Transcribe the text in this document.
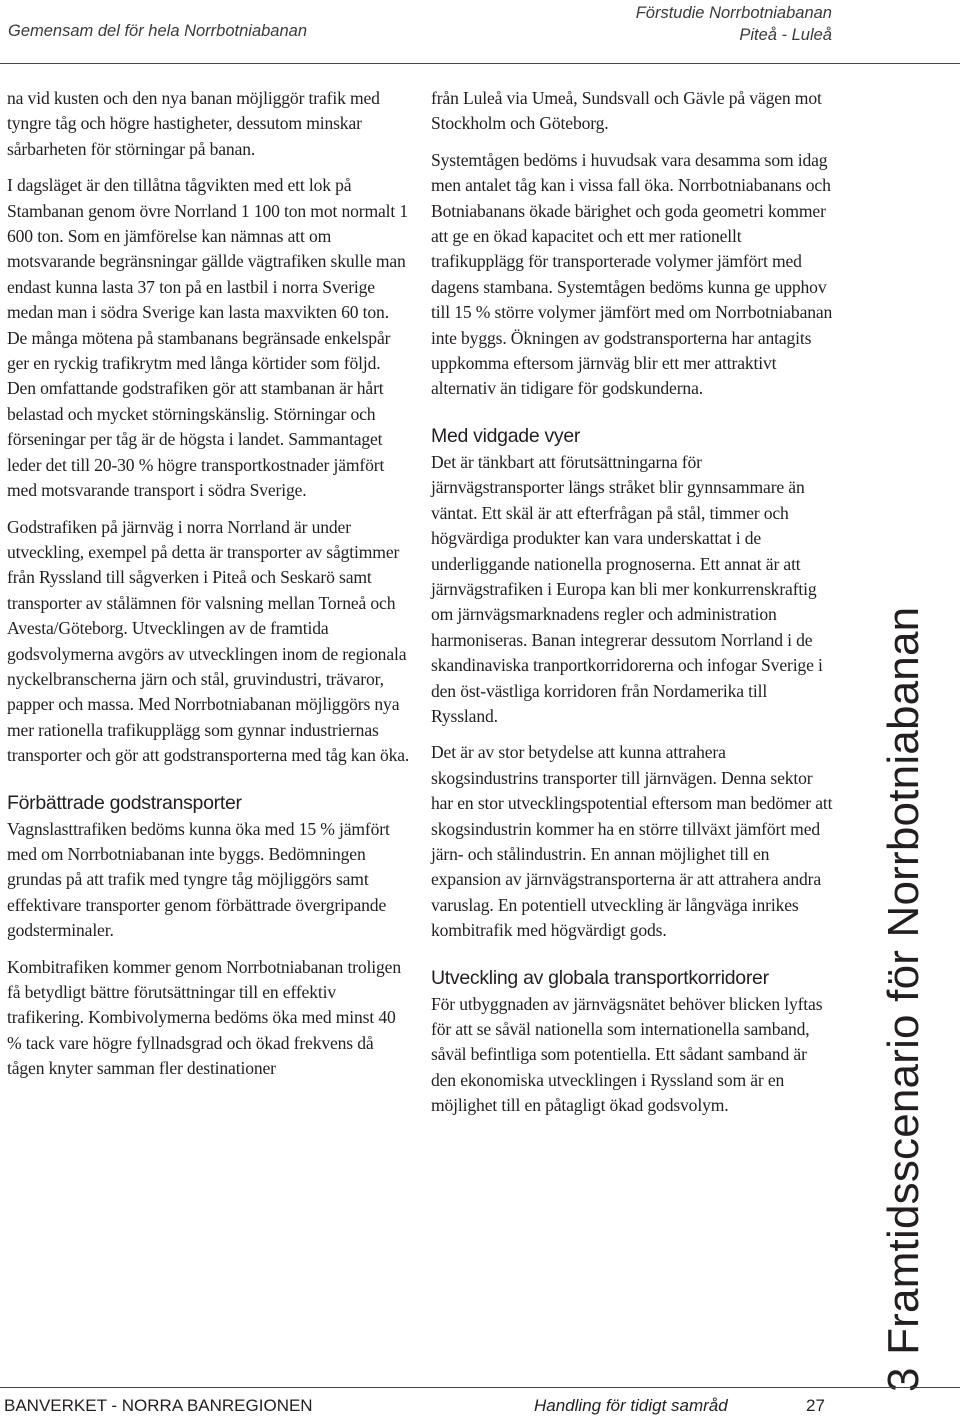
Gemensam del för hela Norrbotniabanan
Förstudie Norrbotniabanan
Piteå - Luleå

na vid kusten och den nya banan möjliggör trafik med tyngre tåg och högre hastigheter, dessutom minskar sårbarheten för störningar på banan.

I dagsläget är den tillåtna tågvikten med ett lok på Stambanan genom övre Norrland 1 100 ton mot normalt 1 600 ton. Som en jämförelse kan nämnas att om motsvarande begränsningar gällde vägtrafiken skulle man endast kunna lasta 37 ton på en lastbil i norra Sverige medan man i södra Sverige kan lasta maxvikten 60 ton. De många mötena på stambanans begränsade enkelspår ger en ryckig trafikrytm med långa körtider som följd. Den omfattande godstrafiken gör att stambanan är hårt belastad och mycket störningskänslig. Störningar och förseningar per tåg är de högsta i landet. Sammantaget leder det till 20-30 % högre transportkostnader jämfört med motsvarande transport i södra Sverige.

Godstrafiken på järnväg i norra Norrland är under utveckling, exempel på detta är transporter av sågtimmer från Ryssland till sågverken i Piteå och Seskarö samt transporter av stålämnen för valsning mellan Torneå och Avesta/Göteborg. Utvecklingen av de framtida godsvolymerna avgörs av utvecklingen inom de regionala nyckelbranscherna järn och stål, gruvindustri, trävaror, papper och massa. Med Norrbotniabanan möjliggörs nya mer rationella trafikupplägg som gynnar industriernas transporter och gör att godstransporterna med tåg kan öka.

Förbättrade godstransporter

Vagnslasttrafiken bedöms kunna öka med 15 % jämfört med om Norrbotniabanan inte byggs. Bedömningen grundas på att trafik med tyngre tåg möjliggörs samt effektivare transporter genom förbättrade övergripande godsterminaler.

Kombitrafiken kommer genom Norrbotniabanan troligen få betydligt bättre förutsättningar till en effektiv trafikering. Kombivolymerna bedöms öka med minst 40 % tack vare högre fyllnadsgrad och ökad frekvens då tågen knyter samman fler destinationer

från Luleå via Umeå, Sundsvall och Gävle på vägen mot Stockholm och Göteborg.

Systemtågen bedöms i huvudsak vara desamma som idag men antalet tåg kan i vissa fall öka. Norrbotniabanans och Botniabanans ökade bärighet och goda geometri kommer att ge en ökad kapacitet och ett mer rationellt trafikupplägg för transporterade volymer jämfört med dagens stambana. Systemtågen bedöms kunna ge upphov till 15 % större volymer jämfört med om Norrbotniabanan inte byggs. Ökningen av godstransporterna har antagits uppkomma eftersom järnväg blir ett mer attraktivt alternativ än tidigare för godskunderna.

Med vidgade vyer

Det är tänkbart att förutsättningarna för järnvägstransporter längs stråket blir gynnsammare än väntat. Ett skäl är att efterfrågan på stål, timmer och högvärdiga produkter kan vara underskattat i de underliggande nationella prognoserna. Ett annat är att järnvägstrafiken i Europa kan bli mer konkurrenskraftig om järnvägsmarknadens regler och administration harmoniseras. Banan integrerar dessutom Norrland i de skandinaviska tranportkorridorerna och infogar Sverige i den öst-västliga korridoren från Nordamerika till Ryssland.

Det är av stor betydelse att kunna attrahera skogsindustrins transporter till järnvägen. Denna sektor har en stor utvecklingspotential eftersom man bedömer att skogsindustrin kommer ha en större tillväxt jämfört med järn- och stålindustrin. En annan möjlighet till en expansion av järnvägstransporterna är att attrahera andra varuslag. En potentiell utveckling är långväga inrikes kombitrafik med högvärdigt gods.

Utveckling av globala transportkorridorer

För utbyggnaden av järnvägsnätet behöver blicken lyftas för att se såväl nationella som internationella samband, såväl befintliga som potentiella. Ett sådant samband är den ekonomiska utvecklingen i Ryssland som är en möjlighet till en påtagligt ökad godsvolym.	3 Framtidsscenario för Norrbotniabanan
BANVERKET - NORRA BANREGIONEN	Handling för tidigt samråd	27
